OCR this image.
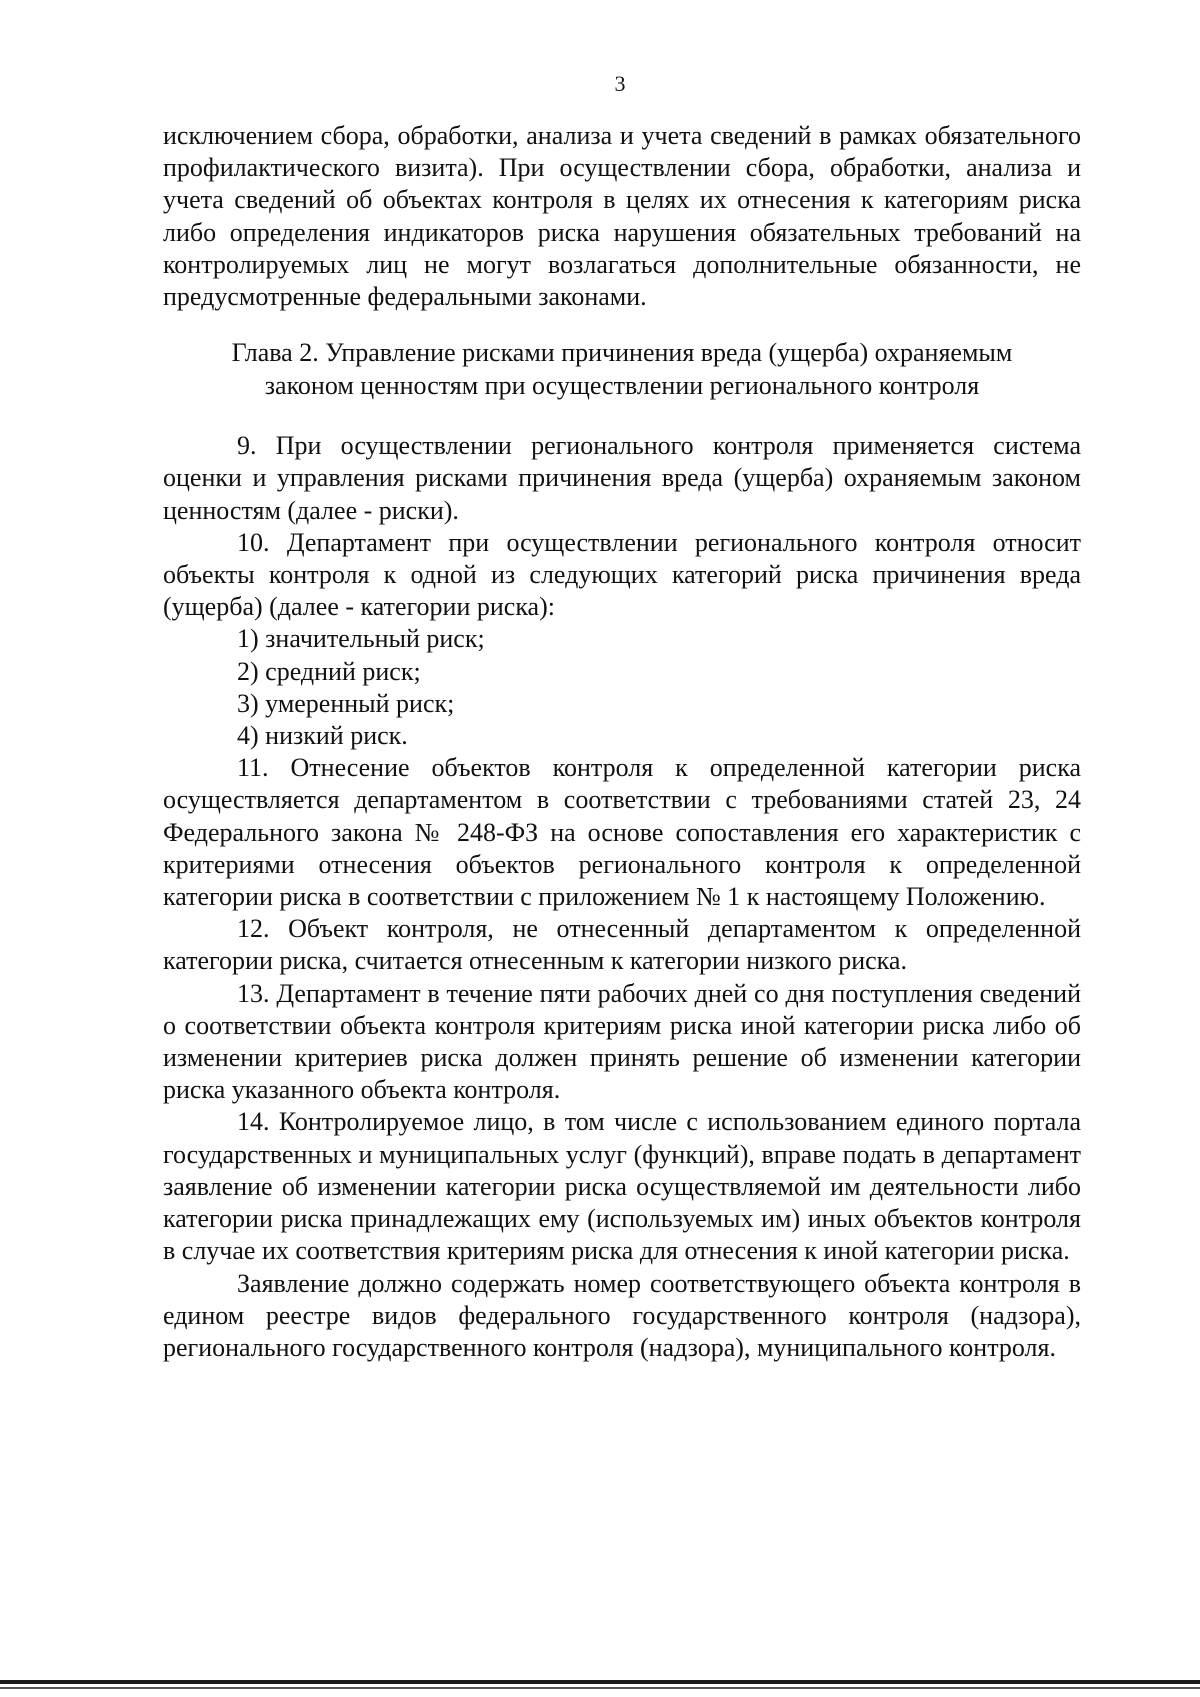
3

исключением сбора, обработки, анализа и учета сведений в рамках обязательного профилактического визита). При осуществлении сбора, обработки, анализа и учета сведений об объектах контроля в целях их отнесения к категориям риска либо определения индикаторов риска нарушения обязательных требований на контролируемых лиц не могут возлагаться дополнительные обязанности, не предусмотренные федеральными законами.

Глава 2. Управление рисками причинения вреда (ущерба) охраняемым
законом ценностям при осуществлении регионального контроля

9. При осуществлении регионального контроля применяется система оценки и управления рисками причинения вреда (ущерба) охраняемым законом ценностям (далее - риски).

10. Департамент при осуществлении регионального контроля относит объекты контроля к одной из следующих категорий риска причинения вреда (ущерба) (далее - категории риска):

1) значительный риск;

2) средний риск;

3) умеренный риск;

4) низкий риск.

11. Отнесение объектов контроля к определенной категории риска осуществляется департаментом в соответствии с требованиями статей 23, 24 Федерального закона № 248-ФЗ на основе сопоставления его характеристик с критериями отнесения объектов регионального контроля к определенной категории риска в соответствии с приложением № 1 к настоящему Положению.

12. Объект контроля, не отнесенный департаментом к определенной категории риска, считается отнесенным к категории низкого риска.

13. Департамент в течение пяти рабочих дней со дня поступления сведений о соответствии объекта контроля критериям риска иной категории риска либо об изменении критериев риска должен принять решение об изменении категории риска указанного объекта контроля.

14. Контролируемое лицо, в том числе с использованием единого портала государственных и муниципальных услуг (функций), вправе подать в департамент заявление об изменении категории риска осуществляемой им деятельности либо категории риска принадлежащих ему (используемых им) иных объектов контроля в случае их соответствия критериям риска для отнесения к иной категории риска.

Заявление должно содержать номер соответствующего объекта контроля в едином реестре видов федерального государственного контроля (надзора), регионального государственного контроля (надзора), муниципального контроля.
